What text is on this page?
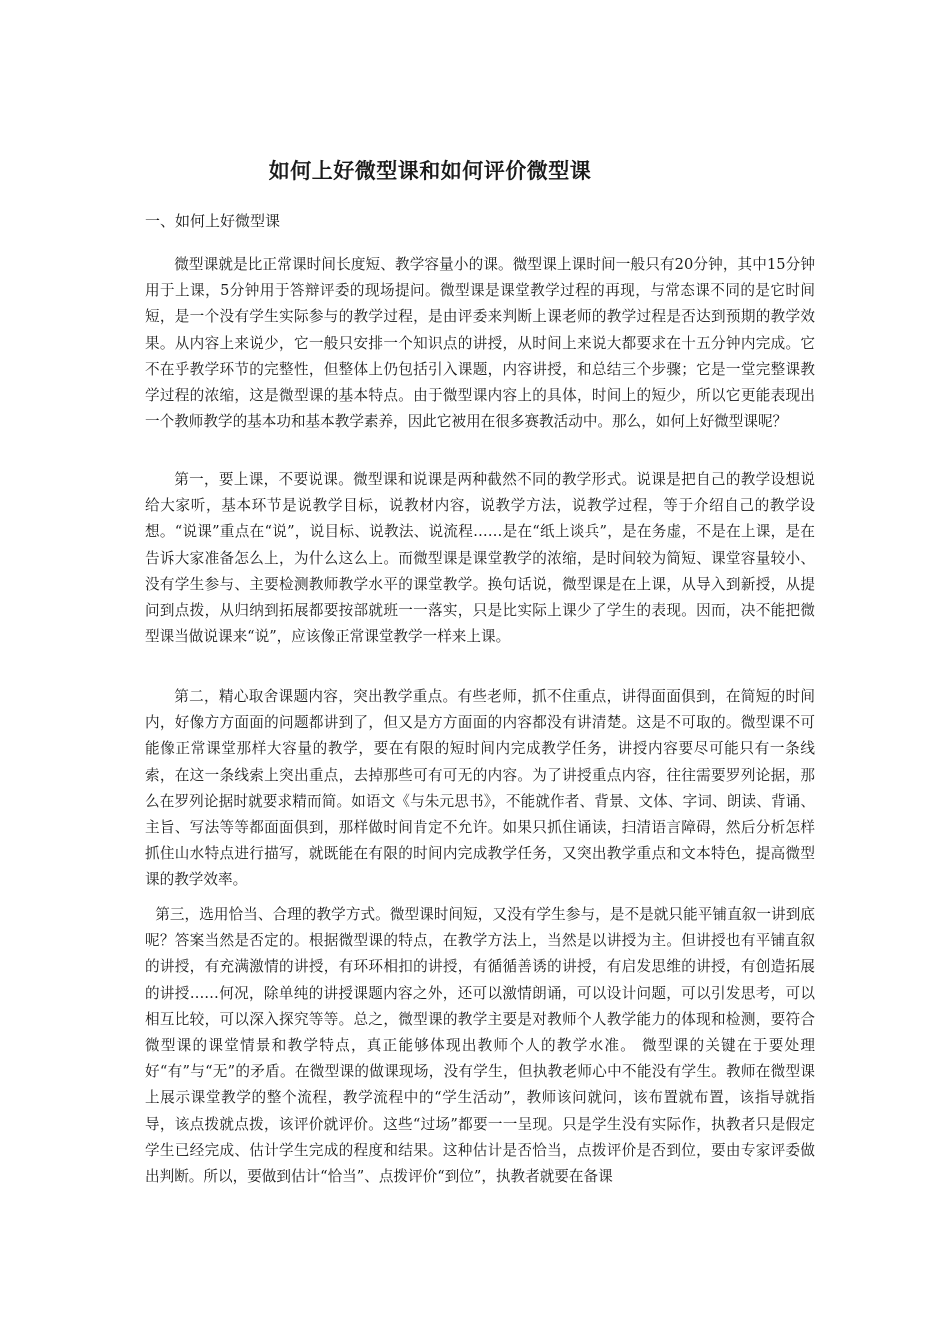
如何上好微型课和如何评价微型课

一、如何上好微型课

微型课就是比正常课时间长度短、教学容量小的课。微型课上课时间一般只有20分钟，其中15分钟用于上课，5分钟用于答辩评委的现场提问。微型课是课堂教学过程的再现，与常态课不同的是它时间短，是一个没有学生实际参与的教学过程，是由评委来判断上课老师的教学过程是否达到预期的教学效果。从内容上来说少，它一般只安排一个知识点的讲授，从时间上来说大都要求在十五分钟内完成。它不在乎教学环节的完整性，但整体上仍包括引入课题，内容讲授，和总结三个步骤；它是一堂完整课教学过程的浓缩，这是微型课的基本特点。由于微型课内容上的具体，时间上的短少，所以它更能表现出一个教师教学的基本功和基本教学素养，因此它被用在很多赛教活动中。那么，如何上好微型课呢？

第一，要上课，不要说课。微型课和说课是两种截然不同的教学形式。说课是把自己的教学设想说给大家听，基本环节是说教学目标，说教材内容，说教学方法，说教学过程，等于介绍自己的教学设想。“说课”重点在“说”，说目标、说教法、说流程……是在“纸上谈兵”，是在务虚，不是在上课，是在告诉大家准备怎么上，为什么这么上。而微型课是课堂教学的浓缩，是时间较为简短、课堂容量较小、没有学生参与、主要检测教师教学水平的课堂教学。换句话说，微型课是在上课，从导入到新授，从提问到点拨，从归纳到拓展都要按部就班一一落实，只是比实际上课少了学生的表现。因而，决不能把微型课当做说课来“说”，应该像正常课堂教学一样来上课。

第二，精心取舍课题内容，突出教学重点。有些老师，抓不住重点，讲得面面俱到，在简短的时间内，好像方方面面的问题都讲到了，但又是方方面面的内容都没有讲清楚。这是不可取的。微型课不可能像正常课堂那样大容量的教学，要在有限的短时间内完成教学任务，讲授内容要尽可能只有一条线索，在这一条线索上突出重点，去掉那些可有可无的内容。为了讲授重点内容，往往需要罗列论据，那么在罗列论据时就要求精而简。如语文《与朱元思书》，不能就作者、背景、文体、字词、朗读、背诵、主旨、写法等等都面面俱到，那样做时间肯定不允许。如果只抓住诵读，扫清语言障碍，然后分析怎样抓住山水特点进行描写，就既能在有限的时间内完成教学任务，又突出教学重点和文本特色，提高微型课的教学效率。

第三，选用恰当、合理的教学方式。微型课时间短，又没有学生参与，是不是就只能平铺直叙一讲到底呢？答案当然是否定的。根据微型课的特点，在教学方法上，当然是以讲授为主。但讲授也有平铺直叙的讲授，有充满激情的讲授，有环环相扣的讲授，有循循善诱的讲授，有启发思维的讲授，有创造拓展的讲授……何况，除单纯的讲授课题内容之外，还可以激情朗诵，可以设计问题，可以引发思考，可以相互比较，可以深入探究等等。总之，微型课的教学主要是对教师个人教学能力的体现和检测，要符合微型课的课堂情景和教学特点，真正能够体现出教师个人的教学水准。 微型课的关键在于要处理好“有”与“无”的矛盾。在微型课的做课现场，没有学生，但执教老师心中不能没有学生。教师在微型课上展示课堂教学的整个流程，教学流程中的“学生活动”，教师该问就问，该布置就布置，该指导就指导，该点拨就点拨，该评价就评价。这些“过场”都要一一呈现。只是学生没有实际作，执教者只是假定学生已经完成、估计学生完成的程度和结果。这种估计是否恰当，点拨评价是否到位，要由专家评委做出判断。所以，要做到估计“恰当”、点拨评价“到位”，执教者就要在备课
